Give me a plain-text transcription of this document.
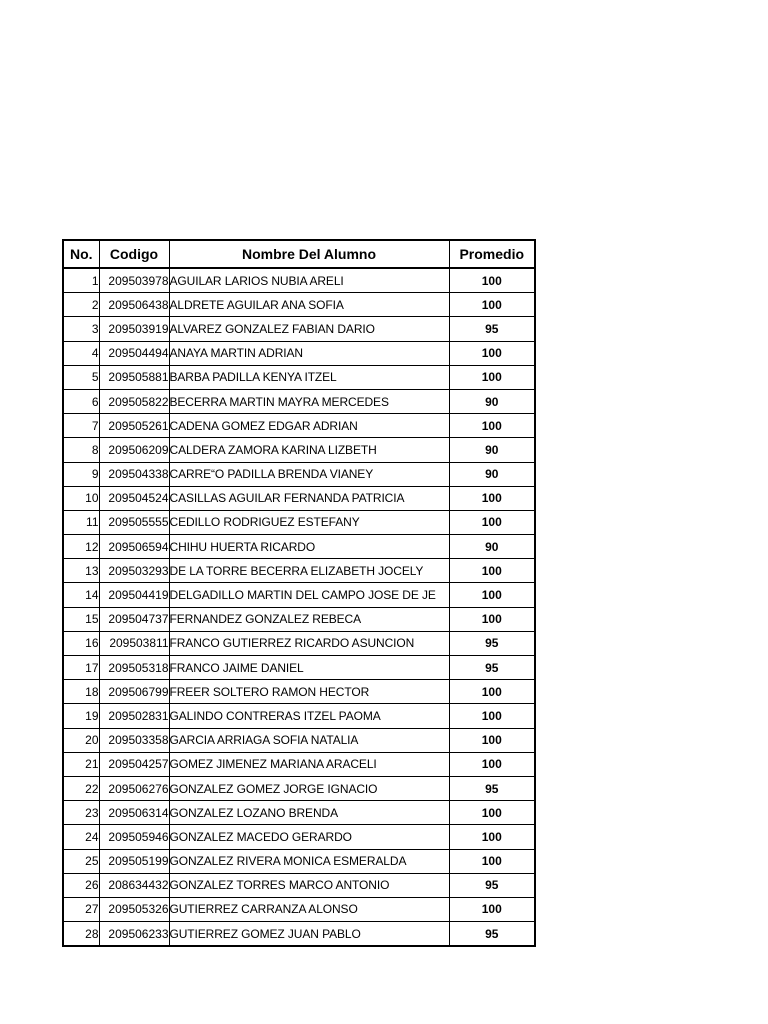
No.	Codigo	Nombre Del Alumno	Promedio
1	209503978	AGUILAR LARIOS NUBIA ARELI	100
2	209506438	ALDRETE AGUILAR ANA SOFIA	100
3	209503919	ALVAREZ GONZALEZ FABIAN DARIO	95
4	209504494	ANAYA MARTIN ADRIAN	100
5	209505881	BARBA PADILLA KENYA ITZEL	100
6	209505822	BECERRA MARTIN MAYRA MERCEDES	90
7	209505261	CADENA GOMEZ EDGAR ADRIAN	100
8	209506209	CALDERA ZAMORA KARINA LIZBETH	90
9	209504338	CARRE“O PADILLA BRENDA VIANEY	90
10	209504524	CASILLAS AGUILAR FERNANDA PATRICIA	100
11	209505555	CEDILLO RODRIGUEZ ESTEFANY	100
12	209506594	CHIHU HUERTA RICARDO	90
13	209503293	DE LA TORRE BECERRA ELIZABETH JOCELY	100
14	209504419	DELGADILLO MARTIN DEL CAMPO JOSE DE JE	100
15	209504737	FERNANDEZ GONZALEZ REBECA	100
16	209503811	FRANCO GUTIERREZ RICARDO ASUNCION	95
17	209505318	FRANCO JAIME DANIEL	95
18	209506799	FREER SOLTERO RAMON HECTOR	100
19	209502831	GALINDO CONTRERAS ITZEL PAOMA	100
20	209503358	GARCIA ARRIAGA SOFIA NATALIA	100
21	209504257	GOMEZ JIMENEZ MARIANA ARACELI	100
22	209506276	GONZALEZ GOMEZ JORGE IGNACIO	95
23	209506314	GONZALEZ LOZANO BRENDA	100
24	209505946	GONZALEZ MACEDO GERARDO	100
25	209505199	GONZALEZ RIVERA MONICA ESMERALDA	100
26	208634432	GONZALEZ TORRES MARCO ANTONIO	95
27	209505326	GUTIERREZ CARRANZA ALONSO	100
28	209506233	GUTIERREZ GOMEZ JUAN PABLO	95
